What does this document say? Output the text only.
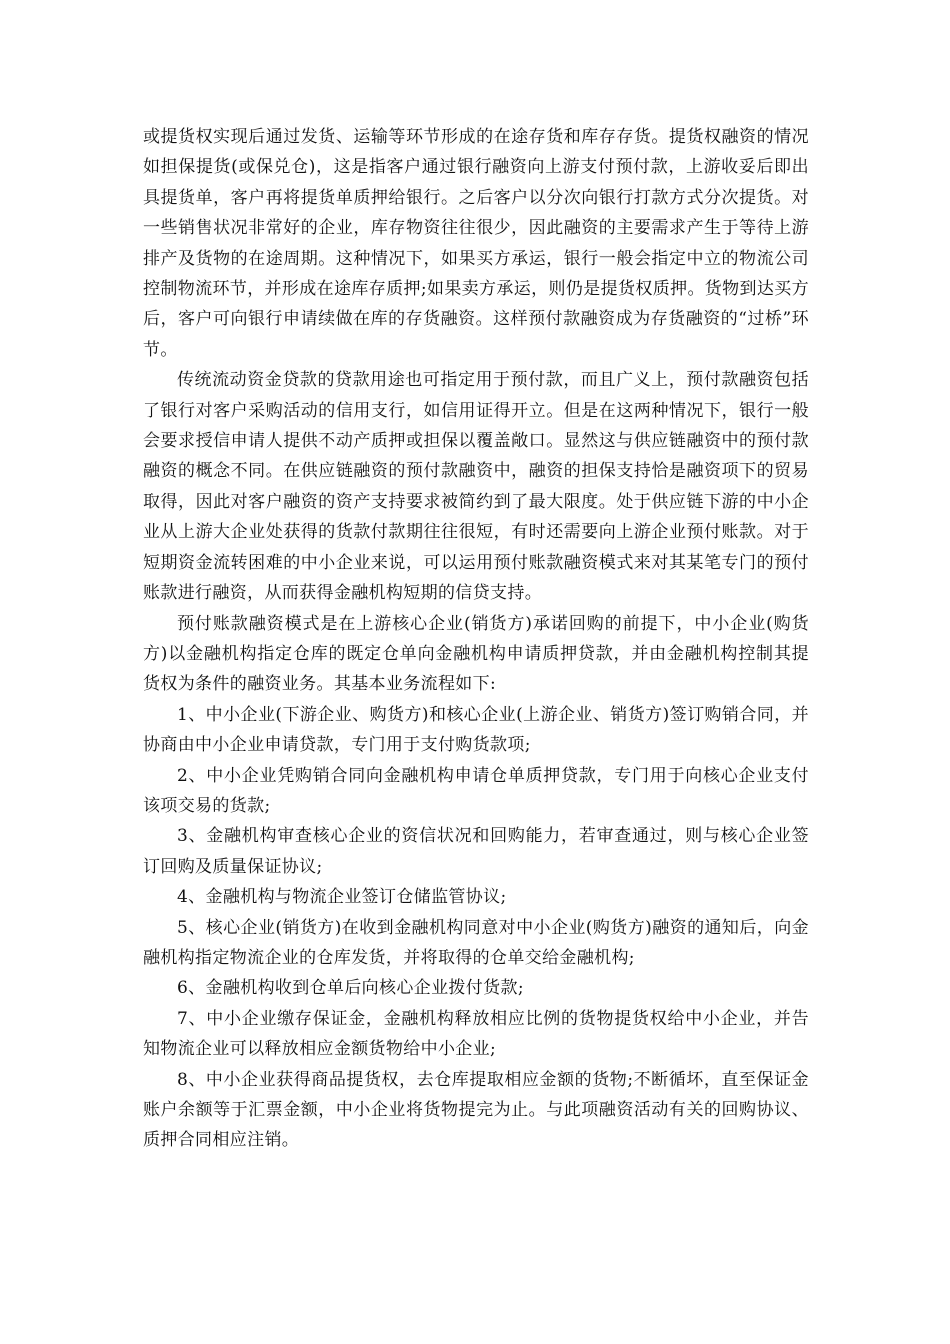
或提货权实现后通过发货、运输等环节形成的在途存货和库存存货。提货权融资的情况如担保提货(或保兑仓)，这是指客户通过银行融资向上游支付预付款，上游收妥后即出具提货单，客户再将提货单质押给银行。之后客户以分次向银行打款方式分次提货。对一些销售状况非常好的企业，库存物资往往很少，因此融资的主要需求产生于等待上游排产及货物的在途周期。这种情况下，如果买方承运，银行一般会指定中立的物流公司控制物流环节，并形成在途库存质押;如果卖方承运，则仍是提货权质押。货物到达买方后，客户可向银行申请续做在库的存货融资。这样预付款融资成为存货融资的“过桥”环节。

传统流动资金贷款的贷款用途也可指定用于预付款，而且广义上，预付款融资包括了银行对客户采购活动的信用支行，如信用证得开立。但是在这两种情况下，银行一般会要求授信申请人提供不动产质押或担保以覆盖敞口。显然这与供应链融资中的预付款融资的概念不同。在供应链融资的预付款融资中，融资的担保支持恰是融资项下的贸易取得，因此对客户融资的资产支持要求被简约到了最大限度。处于供应链下游的中小企业从上游大企业处获得的货款付款期往往很短，有时还需要向上游企业预付账款。对于短期资金流转困难的中小企业来说，可以运用预付账款融资模式来对其某笔专门的预付账款进行融资，从而获得金融机构短期的信贷支持。

预付账款融资模式是在上游核心企业(销货方)承诺回购的前提下，中小企业(购货方)以金融机构指定仓库的既定仓单向金融机构申请质押贷款，并由金融机构控制其提货权为条件的融资业务。其基本业务流程如下:

1、中小企业(下游企业、购货方)和核心企业(上游企业、销货方)签订购销合同，并协商由中小企业申请贷款，专门用于支付购货款项;

2、中小企业凭购销合同向金融机构申请仓单质押贷款，专门用于向核心企业支付该项交易的货款;

3、金融机构审查核心企业的资信状况和回购能力，若审查通过，则与核心企业签订回购及质量保证协议;

4、金融机构与物流企业签订仓储监管协议;

5、核心企业(销货方)在收到金融机构同意对中小企业(购货方)融资的通知后，向金融机构指定物流企业的仓库发货，并将取得的仓单交给金融机构;

6、金融机构收到仓单后向核心企业拨付货款;

7、中小企业缴存保证金，金融机构释放相应比例的货物提货权给中小企业，并告知物流企业可以释放相应金额货物给中小企业;

8、中小企业获得商品提货权，去仓库提取相应金额的货物;不断循坏，直至保证金账户余额等于汇票金额，中小企业将货物提完为止。与此项融资活动有关的回购协议、质押合同相应注销。
